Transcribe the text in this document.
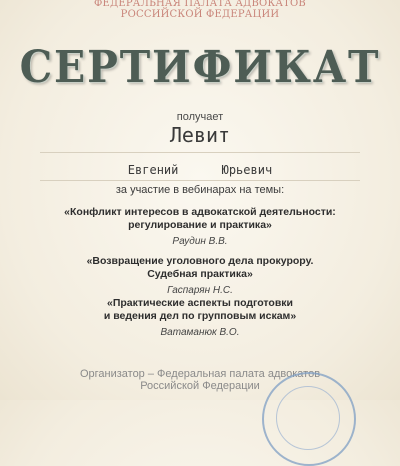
ФЕДЕРАЛЬНАЯ ПАЛАТА АДВОКАТОВ
РОССИЙСКОЙ ФЕДЕРАЦИИ
СЕРТИФИКАТ
получает
Левит
Евгений	Юрьевич
за участие в вебинарах на темы:
«Конфликт интересов в адвокатской деятельности:
регулирование и практика»
Раудин В.В.
«Возвращение уголовного дела прокурору.
Судебная практика»
Гаспарян Н.С.
«Практические аспекты подготовки
и ведения дел по групповым искам»
Ватаманюк В.О.
Организатор – Федеральная палата адвокатов
Российской Федерации
